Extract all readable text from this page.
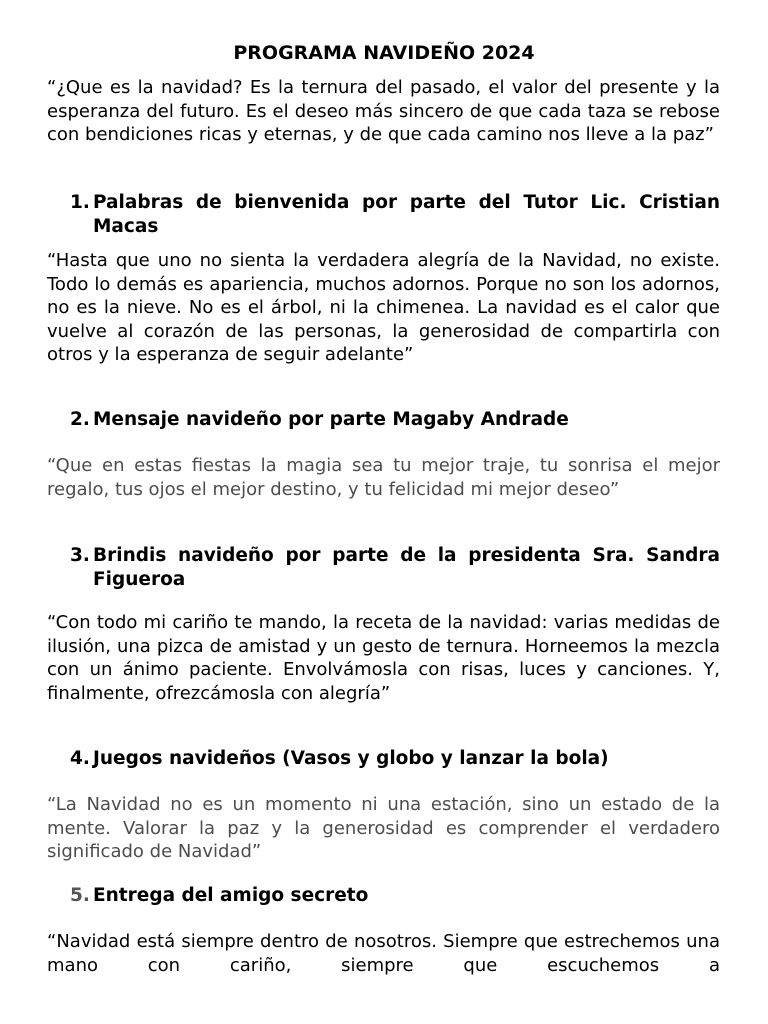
PROGRAMA NAVIDEÑO 2024

“¿Que es la navidad? Es la ternura del pasado, el valor del presente y la esperanza del futuro. Es el deseo más sincero de que cada taza se rebose con bendiciones ricas y eternas, y de que cada camino nos lleve a la paz”

1. Palabras de bienvenida por parte del Tutor Lic. Cristian Macas

“Hasta que uno no sienta la verdadera alegría de la Navidad, no existe. Todo lo demás es apariencia, muchos adornos. Porque no son los adornos, no es la nieve. No es el árbol, ni la chimenea. La navidad es el calor que vuelve al corazón de las personas, la generosidad de compartirla con otros y la esperanza de seguir adelante”

2. Mensaje navideño por parte Magaby Andrade

“Que en estas fiestas la magia sea tu mejor traje, tu sonrisa el mejor regalo, tus ojos el mejor destino, y tu felicidad mi mejor deseo”

3. Brindis navideño por parte de la presidenta Sra. Sandra Figueroa

“Con todo mi cariño te mando, la receta de la navidad: varias medidas de ilusión, una pizca de amistad y un gesto de ternura. Horneemos la mezcla con un ánimo paciente. Envolvámosla con risas, luces y canciones. Y, finalmente, ofrezcámosla con alegría”

4. Juegos navideños (Vasos y globo y lanzar la bola)

“La Navidad no es un momento ni una estación, sino un estado de la mente. Valorar la paz y la generosidad es comprender el verdadero significado de Navidad”

5. Entrega del amigo secreto

“Navidad está siempre dentro de nosotros. Siempre que estrechemos una mano con cariño, siempre que escuchemos a
